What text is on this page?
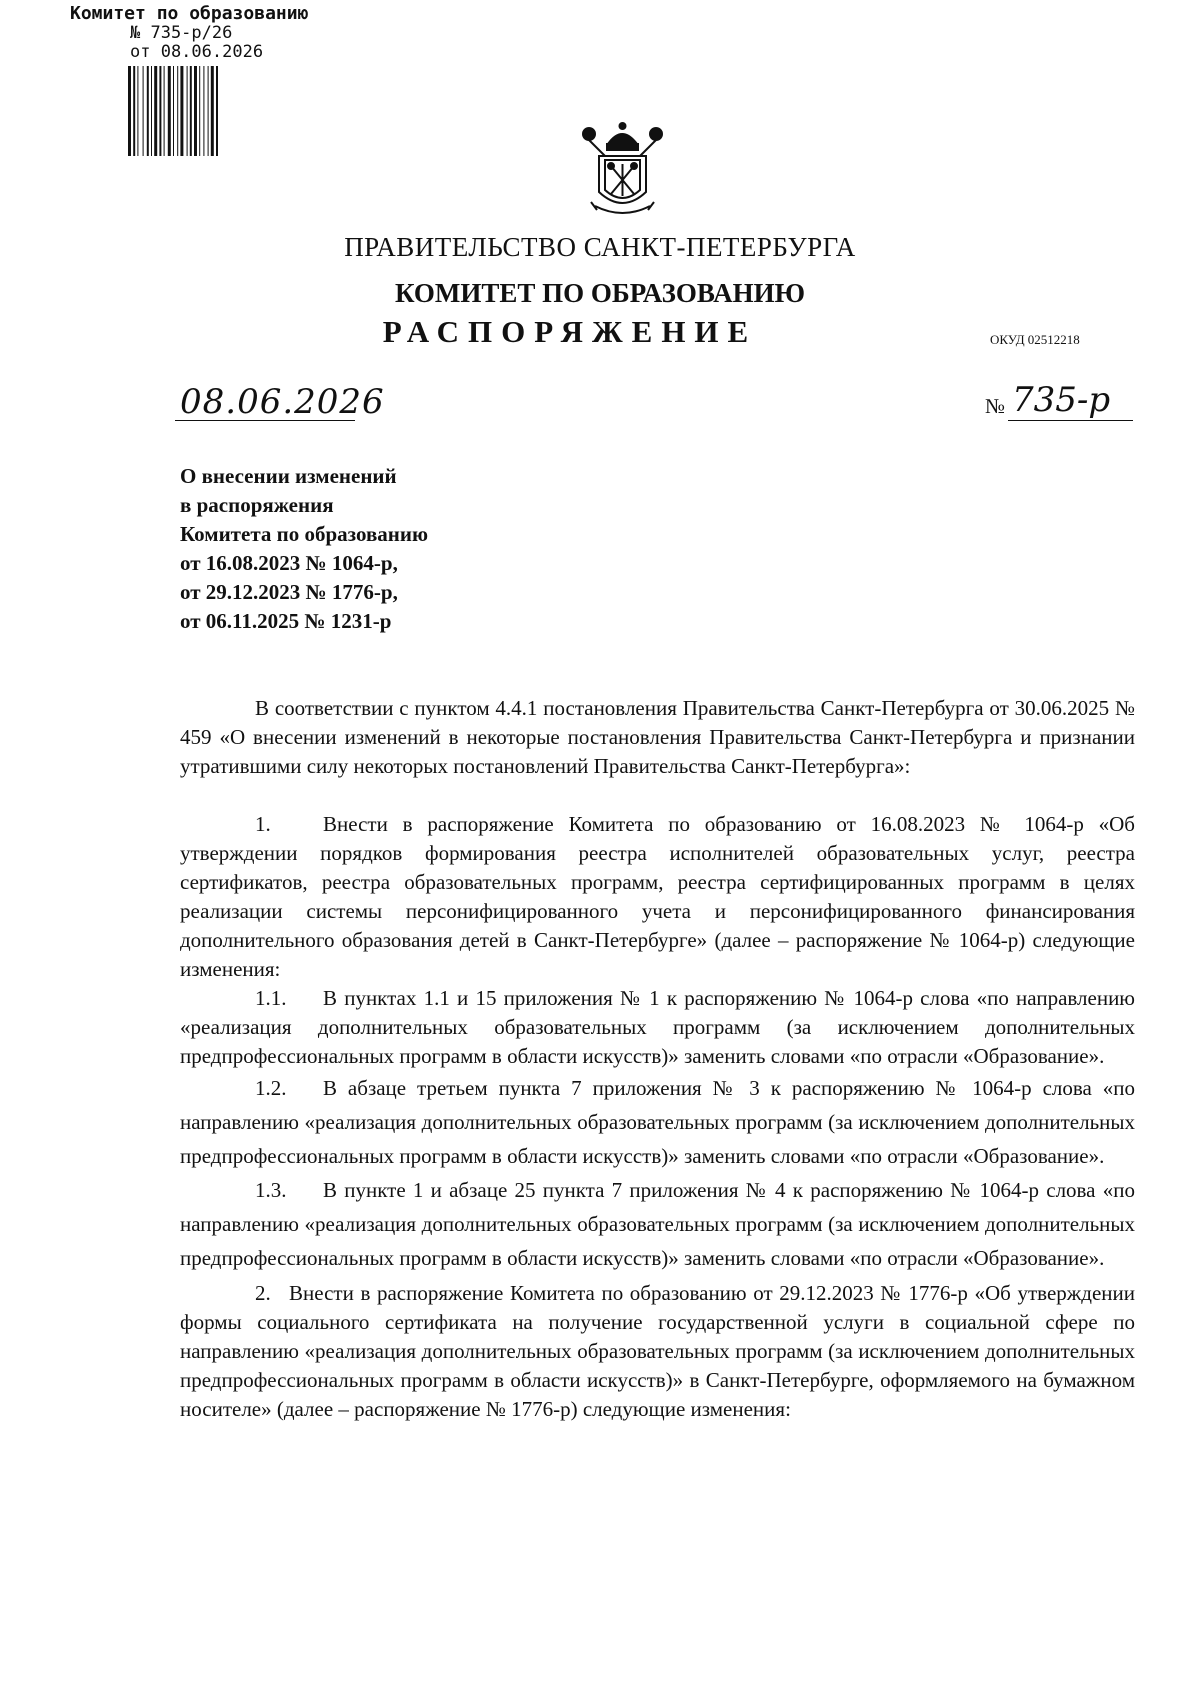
Комитет по образованию
№ 735-р/26
от 08.06.2026
ПРАВИТЕЛЬСТВО САНКТ-ПЕТЕРБУРГА
КОМИТЕТ ПО ОБРАЗОВАНИЮ
РАСПОРЯЖЕНИЕ	ОКУД 02512218
08.06.2026	№ 735-р
О внесении изменений
в распоряжения
Комитета по образованию
от 16.08.2023 № 1064-р,
от 29.12.2023 № 1776-р,
от 06.11.2025 № 1231-р
В соответствии с пунктом 4.4.1 постановления Правительства Санкт-Петербурга от 30.06.2025 № 459 «О внесении изменений в некоторые постановления Правительства Санкт-Петербурга и признании утратившими силу некоторых постановлений Правительства Санкт-Петербурга»:
1. Внести в распоряжение Комитета по образованию от 16.08.2023 № 1064-р «Об утверждении порядков формирования реестра исполнителей образовательных услуг, реестра сертификатов, реестра образовательных программ, реестра сертифицированных программ в целях реализации системы персонифицированного учета и персонифицированного финансирования дополнительного образования детей в Санкт-Петербурге» (далее – распоряжение № 1064-р) следующие изменения:
1.1. В пунктах 1.1 и 15 приложения № 1 к распоряжению № 1064-р слова «по направлению «реализация дополнительных образовательных программ (за исключением дополнительных предпрофессиональных программ в области искусств)» заменить словами «по отрасли «Образование».
1.2. В абзаце третьем пункта 7 приложения № 3 к распоряжению № 1064-р слова «по направлению «реализация дополнительных образовательных программ (за исключением дополнительных предпрофессиональных программ в области искусств)» заменить словами «по отрасли «Образование».
1.3. В пункте 1 и абзаце 25 пункта 7 приложения № 4 к распоряжению № 1064-р слова «по направлению «реализация дополнительных образовательных программ (за исключением дополнительных предпрофессиональных программ в области искусств)» заменить словами «по отрасли «Образование».
2. Внести в распоряжение Комитета по образованию от 29.12.2023 № 1776-р «Об утверждении формы социального сертификата на получение государственной услуги в социальной сфере по направлению «реализация дополнительных образовательных программ (за исключением дополнительных предпрофессиональных программ в области искусств)» в Санкт-Петербурге, оформляемого на бумажном носителе» (далее – распоряжение № 1776-р) следующие изменения:
